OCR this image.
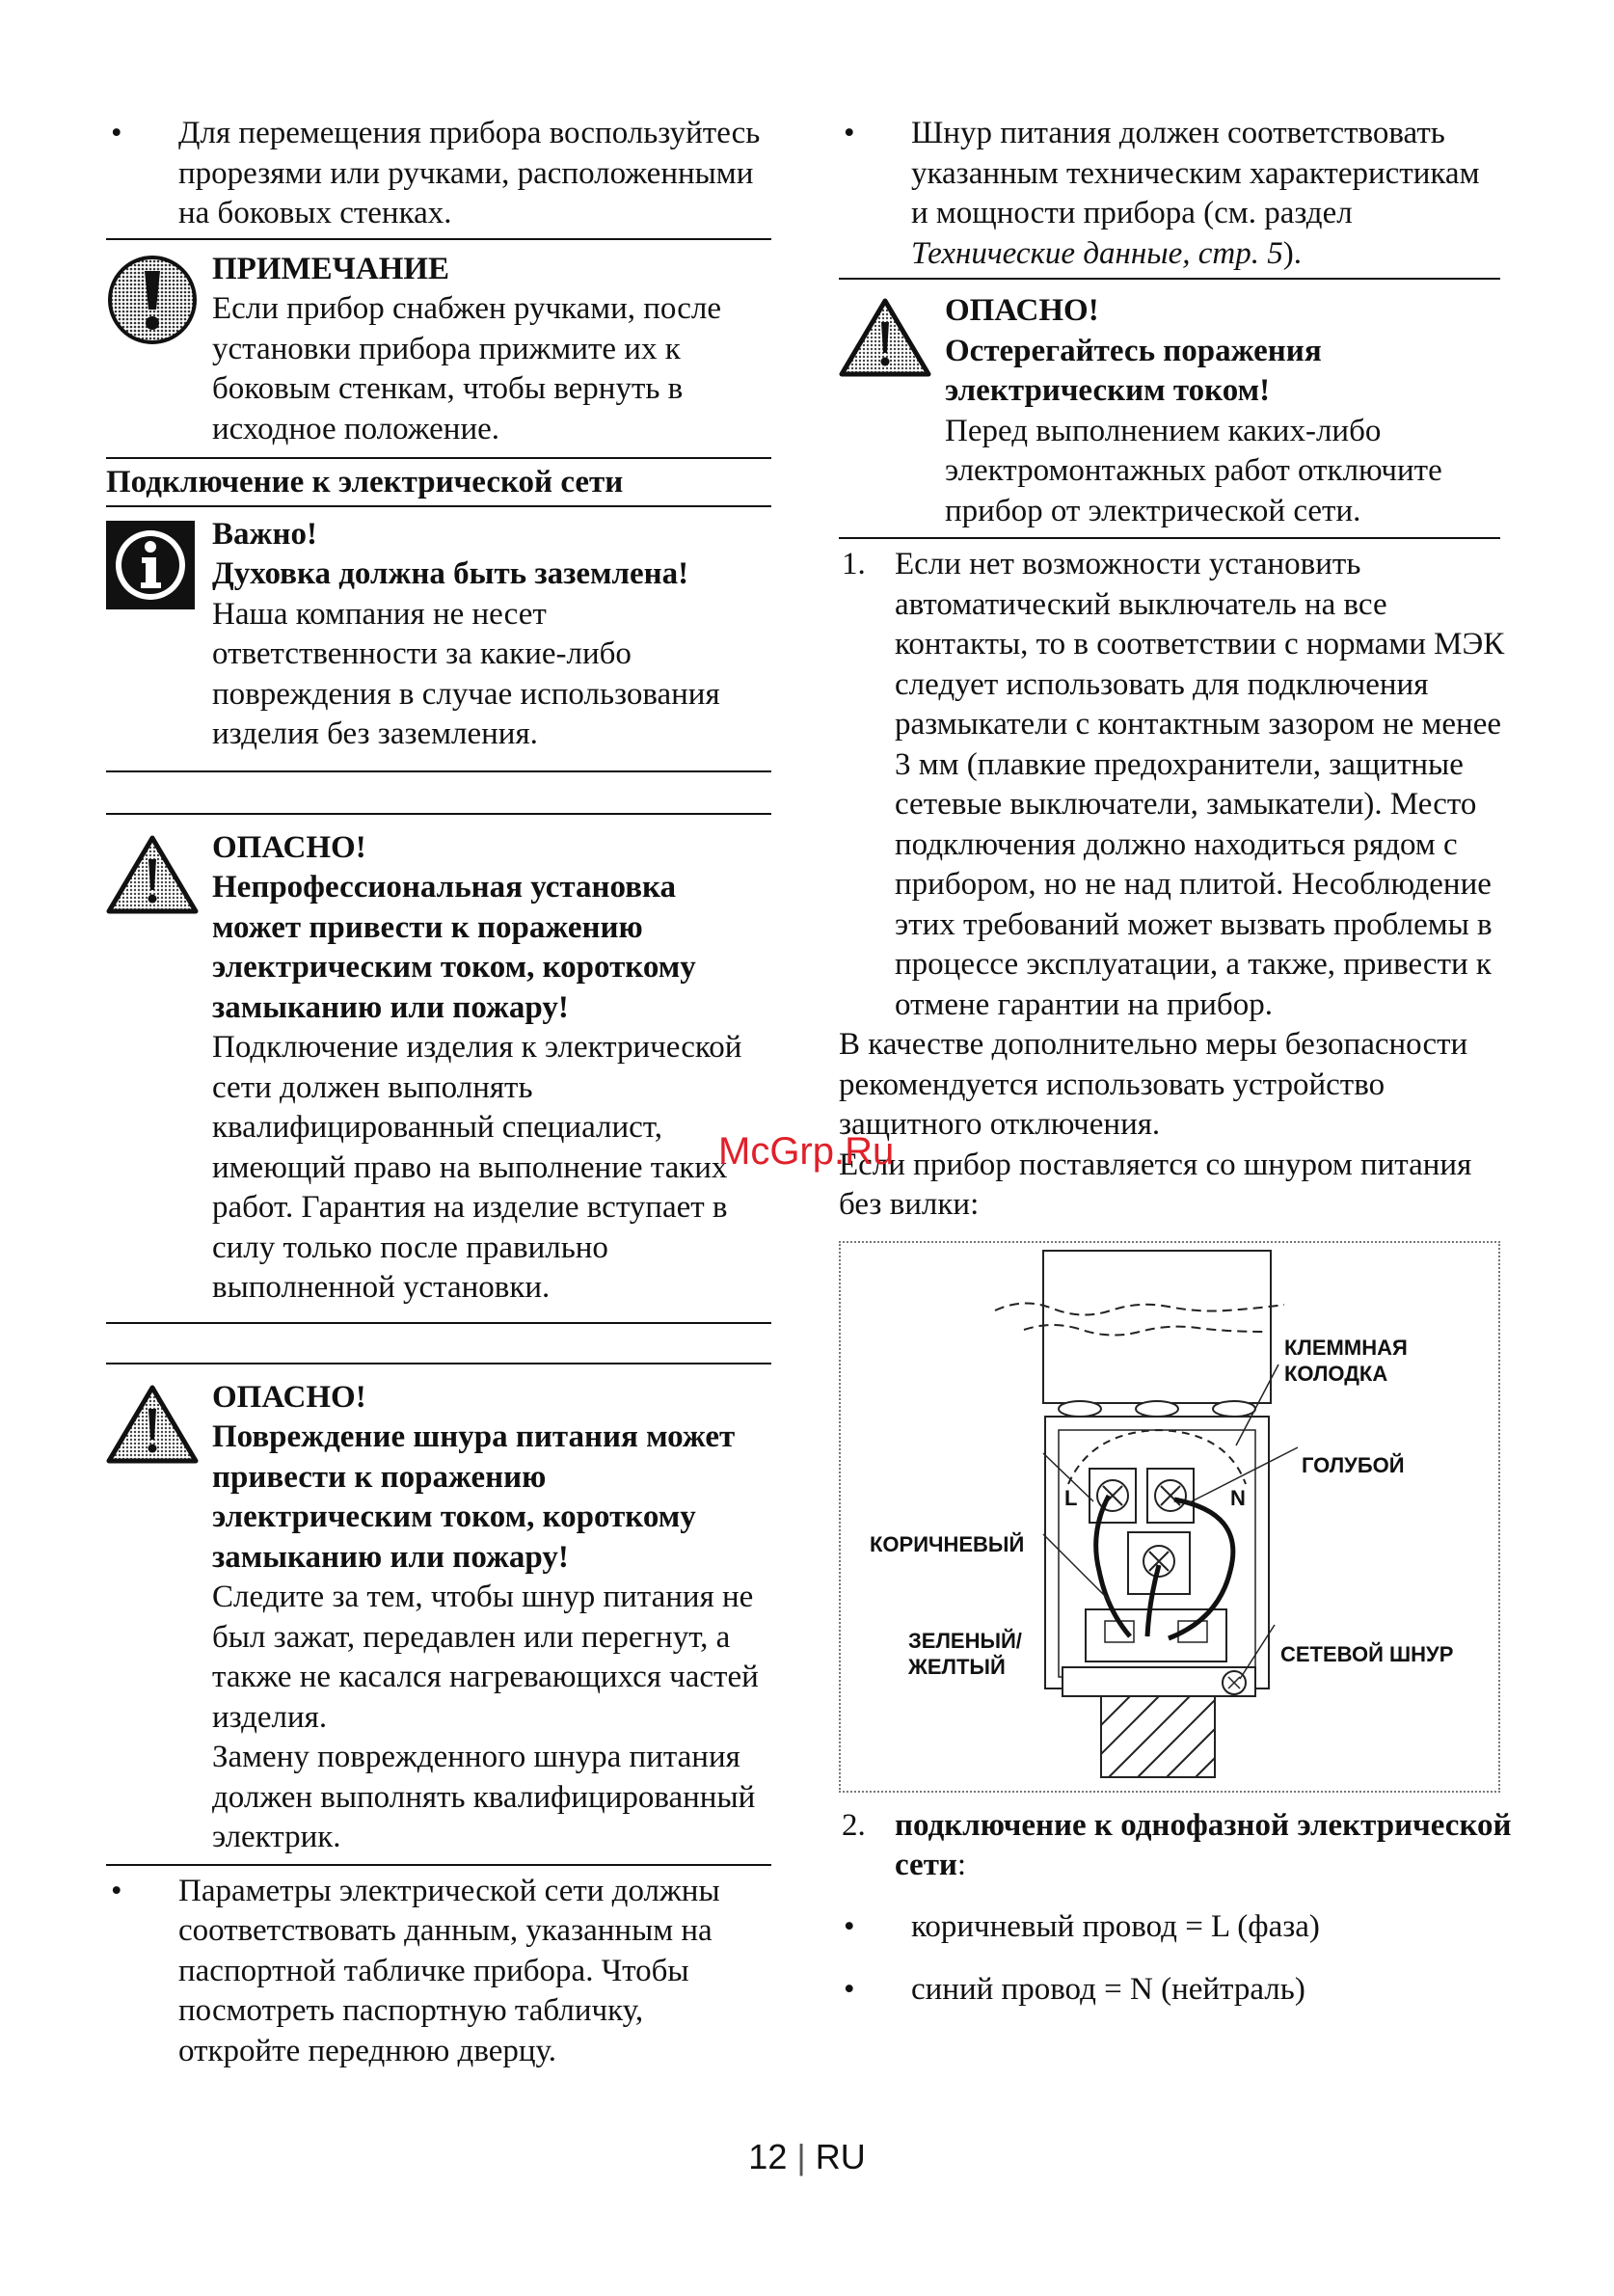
• Для перемещения прибора воспользуйтесь прорезями или ручками, расположенными на боковых стенках.

ПРИМЕЧАНИЕ

Если прибор снабжен ручками, после установки прибора прижмите их к боковым стенкам, чтобы вернуть в исходное положение.

Подключение к электрической сети

Важно!

Духовка должна быть заземлена!

Наша компания не несет ответственности за какие-либо повреждения в случае использования изделия без заземления.

ОПАСНО!

Непрофессиональная установка может привести к поражению электрическим током, короткому замыканию или пожару!

Подключение изделия к электрической сети должен выполнять квалифицированный специалист, имеющий право на выполнение таких работ. Гарантия на изделие вступает в силу только после правильно выполненной установки.

ОПАСНО!

Повреждение шнура питания может привести к поражению электрическим током, короткому замыканию или пожару!

Следите за тем, чтобы шнур питания не был зажат, передавлен или перегнут, а также не касался нагревающихся частей изделия.

Замену поврежденного шнура питания должен выполнять квалифицированный электрик.

• Параметры электрической сети должны соответствовать данным, указанным на паспортной табличке прибора. Чтобы посмотреть паспортную табличку, откройте переднюю дверцу.

• Шнур питания должен соответствовать указанным техническим характеристикам и мощности прибора (см. раздел Технические данные, стр. 5).

ОПАСНО!

Остерегайтесь поражения электрическим током!

Перед выполнением каких-либо электромонтажных работ отключите прибор от электрической сети.

1. Если нет возможности установить автоматический выключатель на все контакты, то в соответствии с нормами МЭК следует использовать для подключения размыкатели с контактным зазором не менее 3 мм (плавкие предохранители, защитные сетевые выключатели, замыкатели). Место подключения должно находиться рядом с прибором, но не над плитой. Несоблюдение этих требований может вызвать проблемы в процессе эксплуатации, а также, привести к отмене гарантии на прибор.

В качестве дополнительно меры безопасности рекомендуется использовать устройство защитного отключения.

Если прибор поставляется со шнуром питания без вилки:

L	N
КЛЕММНАЯ
КОЛОДКА
ГОЛУБОЙ
КОРИЧНЕВЫЙ
ЗЕЛЕНЫЙ/
ЖЕЛТЫЙ
СЕТЕВОЙ ШНУР

2. подключение к однофазной электрической сети:

• коричневый провод = L (фаза)

• синий провод = N (нейтраль)

McGrp.Ru
12 | RU
